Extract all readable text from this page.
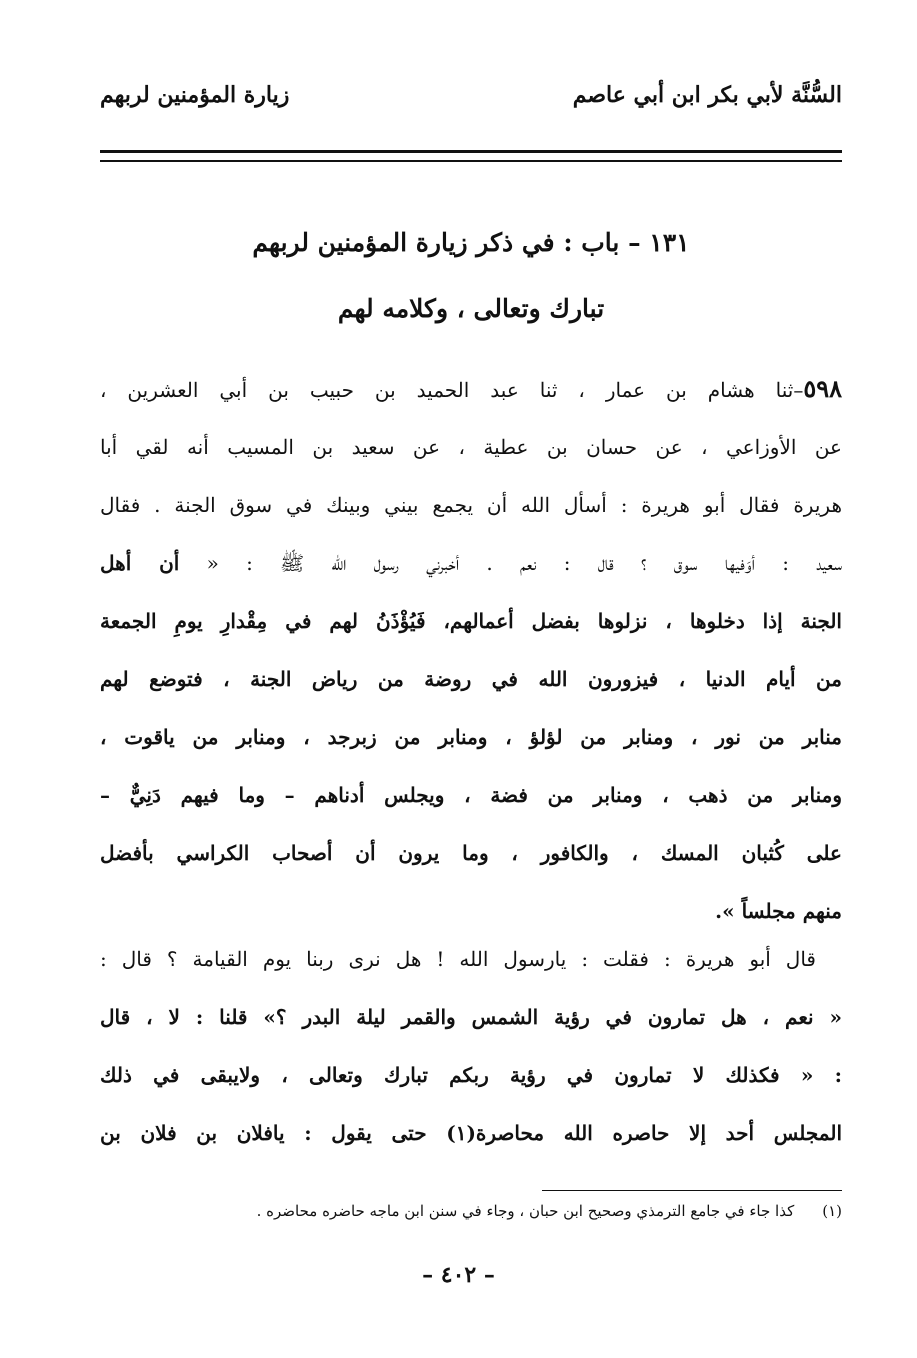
السُّنَّة لأبي بكر ابن أبي عاصم
زيارة المؤمنين لربهم
١٣١ – باب : في ذكر زيارة المؤمنين لربهم
تبارك وتعالى ، وكلامه لهم
٥٩٨–ثنا هشام بن عمار ، ثنا عبد الحميد بن حبيب بن أبي العشرين ،
عن الأوزاعي ، عن حسان بن عطية ، عن سعيد بن المسيب أنه لقي أبا
هريرة فقال أبو هريرة : أسأل الله أن يجمع بيني وبينك في سوق الجنة . فقال
سعيد : أوَفيها سوق ؟ قال : نعم . أخبرني رسول الله ﷺ : « أن أهل
الجنة إذا دخلوها ، نزلوها بفضل أعمالهم، فَيُؤْذَنُ لهم في مِقْدارِ يومِ الجمعة
من أيام الدنيا ، فيزورون الله في روضة من رياض الجنة ، فتوضع لهم
منابر من نور ، ومنابر من لؤلؤ ، ومنابر من زبرجد ، ومنابر من ياقوت ،
ومنابر من ذهب ، ومنابر من فضة ، ويجلس أدناهم – وما فيهم دَنِيٌّ –
على كُثبان المسك ، والكافور ، وما يرون أن أصحاب الكراسي بأفضل
منهم مجلساً ».
قال أبو هريرة : فقلت : يارسول الله ! هل نرى ربنا يوم القيامة ؟ قال :
« نعم ، هل تمارون في رؤية الشمس والقمر ليلة البدر ؟» قلنا : لا ، قال
: « فكذلك لا تمارون في رؤية ربكم تبارك وتعالى ، ولايبقى في ذلك
المجلس أحد إلا حاصره الله محاصرة(١) حتى يقول : يافلان بن فلان بن
(١)كذا جاء في جامع الترمذي وصحيح ابن حبان ، وجاء في سنن ابن ماجه حاضره محاضره .
– ٤٠٢ –
